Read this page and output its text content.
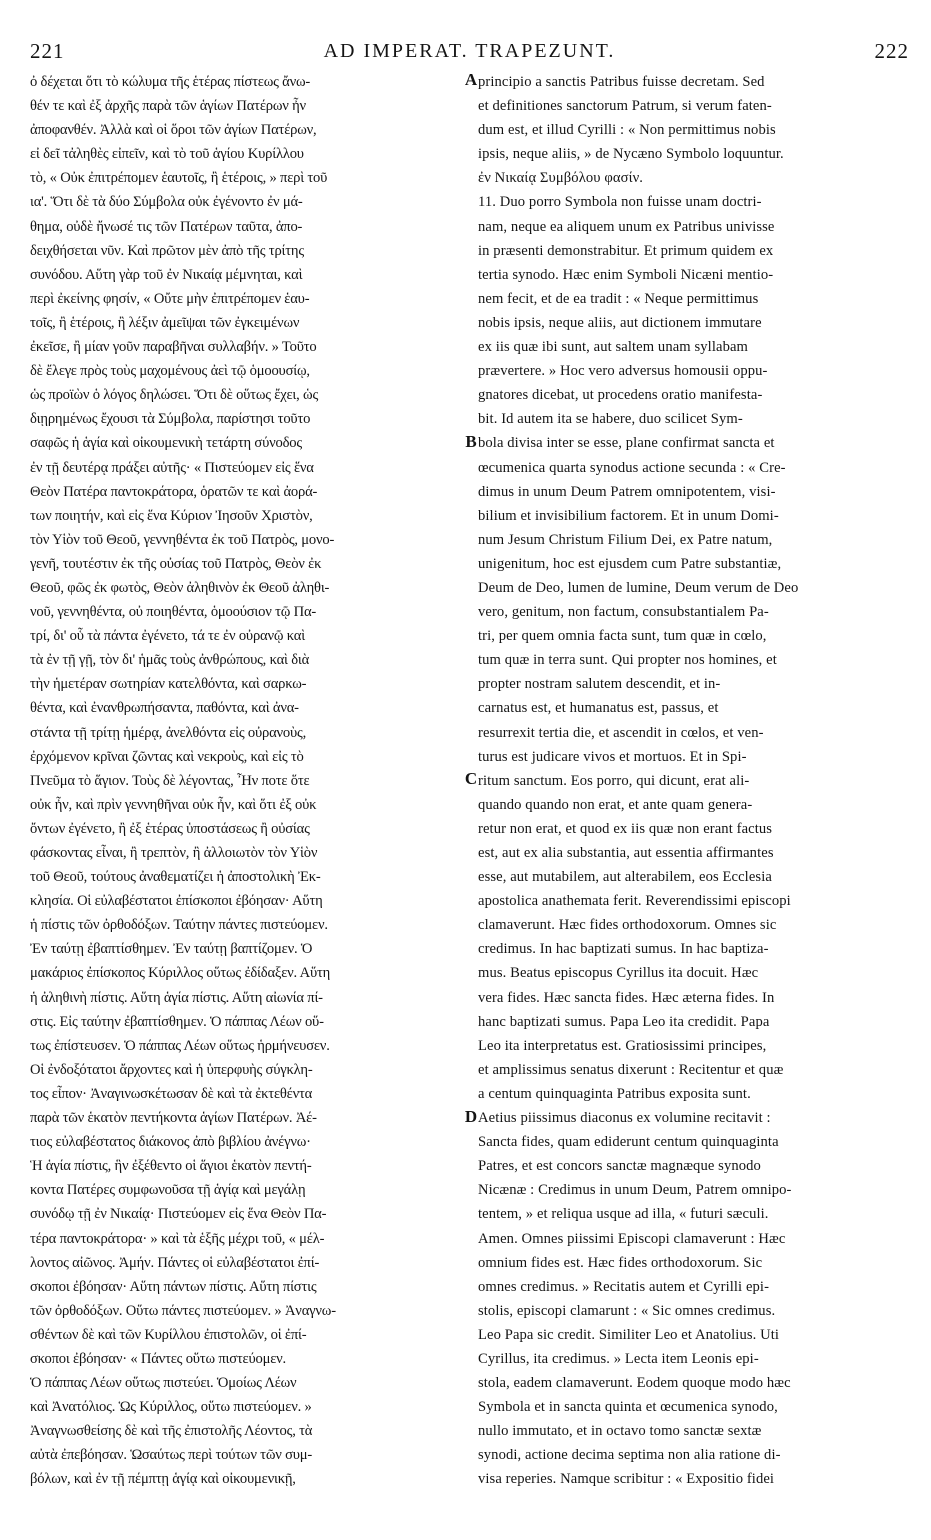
221	AD IMPERAT. TRAPEZUNT.	222
ὀ δέχεται ὅτι τὸ κώλυμα τῆς ἑτέρας πίστεως ἄνω-
θέν τε καὶ ἐξ ἀρχῆς παρὰ τῶν ἁγίων Πατέρων ἦν
ἀποφανθέν. Ἀλλὰ καὶ οἱ ὅροι τῶν ἁγίων Πατέρων,
εἰ δεῖ τἀληθὲς εἰπεῖν, καὶ τὸ τοῦ ἁγίου Κυρίλλου
τὸ, « Οὐκ ἐπιτρέπομεν ἑαυτοῖς, ἢ ἑτέροις, » περὶ τοῦ
ια'. Ὅτι δὲ τὰ δύο Σύμβολα οὐκ ἐγένοντο ἐν μά-
θημα, οὐδὲ ἤνωσέ τις τῶν Πατέρων ταῦτα, ἀπο-
δειχθήσεται νῦν. Καὶ πρῶτον μὲν ἀπὸ τῆς τρίτης
συνόδου. Αὕτη γὰρ τοῦ ἐν Νικαίᾳ μέμνηται, καὶ
περὶ ἐκείνης φησίν, « Οὔτε μὴν ἐπιτρέπομεν ἑαυ-
τοῖς, ἢ ἑτέροις, ἢ λέξιν ἀμεῖψαι τῶν ἐγκειμένων
ἐκεῖσε, ἢ μίαν γοῦν παραβῆναι συλλαβήν. » Τοῦτο
δὲ ἔλεγε πρὸς τοὺς μαχομένους ἀεὶ τῷ ὁμοουσίῳ,
ὡς προϊὼν ὁ λόγος δηλώσει. Ὅτι δὲ οὕτως ἔχει, ὡς
διῃρημένως ἔχουσι τὰ Σύμβολα, παρίστησι τοῦτο
σαφῶς ἡ ἁγία καὶ οἰκουμενικὴ τετάρτη σύνοδος
ἐν τῇ δευτέρᾳ πράξει αὐτῆς· « Πιστεύομεν εἰς ἕνα
Θεὸν Πατέρα παντοκράτορα, ὁρατῶν τε καὶ ἀορά-
των ποιητήν, καὶ εἰς ἕνα Κύριον Ἰησοῦν Χριστὸν,
τὸν Υἱὸν τοῦ Θεοῦ, γεννηθέντα ἐκ τοῦ Πατρὸς, μονο-
γενῆ, τουτέστιν ἐκ τῆς οὐσίας τοῦ Πατρὸς, Θεὸν ἐκ
Θεοῦ, φῶς ἐκ φωτὸς, Θεὸν ἀληθινὸν ἐκ Θεοῦ ἀληθι-
νοῦ, γεννηθέντα, οὐ ποιηθέντα, ὁμοούσιον τῷ Πα-
τρί, δι' οὗ τὰ πάντα ἐγένετο, τά τε ἐν οὐρανῷ καὶ
τὰ ἐν τῇ γῇ, τὸν δι' ἡμᾶς τοὺς ἀνθρώπους, καὶ διὰ
τὴν ἡμετέραν σωτηρίαν κατελθόντα, καὶ σαρκω-
θέντα, καὶ ἐνανθρωπήσαντα, παθόντα, καὶ ἀνα-
στάντα τῇ τρίτῃ ἡμέρᾳ, ἀνελθόντα εἰς οὐρανοὺς,
ἐρχόμενον κρῖναι ζῶντας καὶ νεκροὺς, καὶ εἰς τὸ
Πνεῦμα τὸ ἅγιον. Τοὺς δὲ λέγοντας, Ἦν ποτε ὅτε
οὐκ ἦν, καὶ πρὶν γεννηθῆναι οὐκ ἦν, καὶ ὅτι ἐξ οὐκ
ὄντων ἐγένετο, ἢ ἐξ ἑτέρας ὑποστάσεως ἢ οὐσίας
φάσκοντας εἶναι, ἢ τρεπτὸν, ἢ ἀλλοιωτὸν τὸν Υἱὸν
τοῦ Θεοῦ, τούτους ἀναθεματίζει ἡ ἀποστολικὴ Ἐκ-
κλησία. Οἱ εὐλαβέστατοι ἐπίσκοποι ἐβόησαν· Αὕτη
ἡ πίστις τῶν ὀρθοδόξων. Ταύτην πάντες πιστεύομεν.
Ἐν ταύτῃ ἐβαπτίσθημεν. Ἐν ταύτῃ βαπτίζομεν. Ὁ
μακάριος ἐπίσκοπος Κύριλλος οὕτως ἐδίδαξεν. Αὕτη
ἡ ἀληθινὴ πίστις. Αὕτη ἁγία πίστις. Αὕτη αἰωνία πί-
στις. Εἰς ταύτην ἐβαπτίσθημεν. Ὁ πάππας Λέων οὕ-
τως ἐπίστευσεν. Ὁ πάππας Λέων οὕτως ἡρμήνευσεν.
Οἱ ἐνδοξότατοι ἄρχοντες καὶ ἡ ὑπερφυὴς σύγκλη-
τος εἶπον· Ἀναγινωσκέτωσαν δὲ καὶ τὰ ἐκτεθέντα
παρὰ τῶν ἑκατὸν πεντήκοντα ἁγίων Πατέρων. Ἀέ-
τιος εὐλαβέστατος διάκονος ἀπὸ βιβλίου ἀνέγνω·
Ἡ ἁγία πίστις, ἣν ἐξέθεντο οἱ ἅγιοι ἑκατὸν πεντή-
κοντα Πατέρες συμφωνοῦσα τῇ ἁγίᾳ καὶ μεγάλῃ
συνόδῳ τῇ ἐν Νικαίᾳ· Πιστεύομεν εἰς ἕνα Θεὸν Πα-
τέρα παντοκράτορα· » καὶ τὰ ἑξῆς μέχρι τοῦ, « μέλ-
λοντος αἰῶνος. Ἀμήν. Πάντες οἱ εὐλαβέστατοι ἐπί-
σκοποι ἐβόησαν· Αὕτη πάντων πίστις. Αὕτη πίστις
τῶν ὀρθοδόξων. Οὕτω πάντες πιστεύομεν. » Ἀναγνω-
σθέντων δὲ καὶ τῶν Κυρίλλου ἐπιστολῶν, οἱ ἐπί-
σκοποι ἐβόησαν· « Πάντες οὕτω πιστεύομεν.
Ὁ πάππας Λέων οὕτως πιστεύει. Ὁμοίως Λέων
καὶ Ἀνατόλιος. Ὡς Κύριλλος, οὕτω πιστεύομεν. »
Ἀναγνωσθείσης δὲ καὶ τῆς ἐπιστολῆς Λέοντος, τὰ
αὐτὰ ἐπεβόησαν. Ὡσαύτως περὶ τούτων τῶν συμ-
βόλων, καὶ ἐν τῇ πέμπτῃ ἁγίᾳ καὶ οἰκουμενικῇ,
principio a sanctis Patribus fuisse decretam. Sed
et definitiones sanctorum Patrum, si verum faten-
dum est, et illud Cyrilli : « Non permittimus nobis
ipsis, neque aliis, » de Nycæno Symbolo loquuntur.
ἐν Νικαίᾳ Συμβόλου φασίν.
11. Duo porro Symbola non fuisse unam doctri-
nam, neque ea aliquem unum ex Patribus univisse
in præsenti demonstrabitur. Et primum quidem ex
tertia synodo. Hæc enim Symboli Nicæni mentio-
nem fecit, et de ea tradit : « Neque permittimus
nobis ipsis, neque aliis, aut dictionem immutare
ex iis quæ ibi sunt, aut saltem unam syllabam
prævertere. » Hoc vero adversus homousii oppu-
gnatores dicebat, ut procedens oratio manifesta-
bit. Id autem ita se habere, duo scilicet Sym-
bola divisa inter se esse, plane confirmat sancta et
œcumenica quarta synodus actione secunda : « Cre-
dimus in unum Deum Patrem omnipotentem, visi-
bilium et invisibilium factorem. Et in unum Domi-
num Jesum Christum Filium Dei, ex Patre natum,
unigenitum, hoc est ejusdem cum Patre substantiæ,
Deum de Deo, lumen de lumine, Deum verum de Deo
vero, genitum, non factum, consubstantialem Pa-
tri, per quem omnia facta sunt, tum quæ in cœlo,
tum quæ in terra sunt. Qui propter nos homines, et
propter nostram salutem descendit, et in-
carnatus est, et humanatus est, passus, et
resurrexit tertia die, et ascendit in cœlos, et ven-
turus est judicare vivos et mortuos. Et in Spi-
ritum sanctum. Eos porro, qui dicunt, erat ali-
quando quando non erat, et ante quam genera-
retur non erat, et quod ex iis quæ non erant factus
est, aut ex alia substantia, aut essentia affirmantes
esse, aut mutabilem, aut alterabilem, eos Ecclesia
apostolica anathemata ferit. Reverendissimi episcopi
clamaverunt. Hæc fides orthodoxorum. Omnes sic
credimus. In hac baptizati sumus. In hac baptiza-
mus. Beatus episcopus Cyrillus ita docuit. Hæc
vera fides. Hæc sancta fides. Hæc æterna fides. In
hanc baptizati sumus. Papa Leo ita credidit. Papa
Leo ita interpretatus est. Gratiosissimi principes,
et amplissimus senatus dixerunt : Recitentur et quæ
a centum quinquaginta Patribus exposita sunt.
Aetius piissimus diaconus ex volumine recitavit :
Sancta fides, quam ediderunt centum quinquaginta
Patres, et est concors sanctæ magnæque synodo
Nicænæ : Credimus in unum Deum, Patrem omnipo-
tentem, » et reliqua usque ad illa, « futuri sæculi.
Amen. Omnes piissimi Episcopi clamaverunt : Hæc
omnium fides est. Hæc fides orthodoxorum. Sic
omnes credimus. » Recitatis autem et Cyrilli epi-
stolis, episcopi clamarunt : « Sic omnes credimus.
Leo Papa sic credit. Similiter Leo et Anatolius. Uti
Cyrillus, ita credimus. » Lecta item Leonis epi-
stola, eadem clamaverunt. Eodem quoque modo hæc
Symbola et in sancta quinta et œcumenica synodo,
nullo immutato, et in octavo tomo sanctæ sextæ
synodi, actione decima septima non alia ratione di-
visa reperies. Namque scribitur : « Expositio fidei
A
B
C
D
